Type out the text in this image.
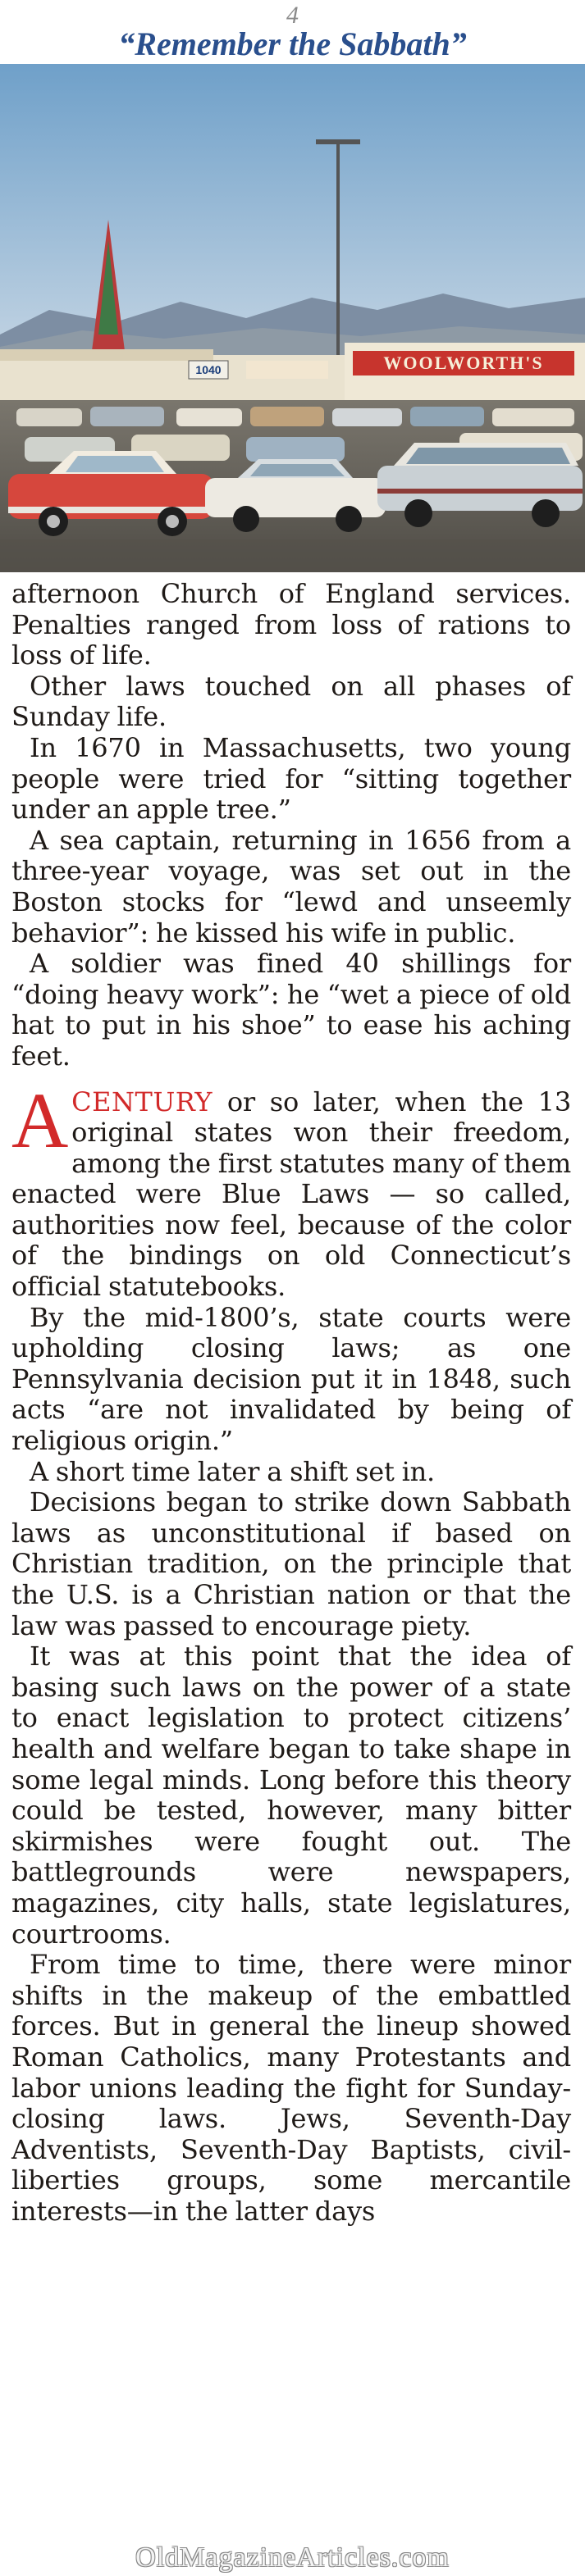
4
“Remember the Sabbath”
1040	WOOLWORTH'S

afternoon Church of England services. Penalties ranged from loss of rations to loss of life.

Other laws touched on all phases of Sunday life.

In 1670 in Massachusetts, two young people were tried for “sitting together under an apple tree.”

A sea captain, returning in 1656 from a three-year voyage, was set out in the Boston stocks for “lewd and unseemly behavior”: he kissed his wife in public.

A soldier was fined 40 shillings for “doing heavy work”: he “wet a piece of old hat to put in his shoe” to ease his aching feet.

ACENTURY or so later, when the 13 original states won their freedom, among the first statutes many of them enacted were Blue Laws — so called, authorities now feel, because of the color of the bindings on old Connecticut’s official statutebooks.

By the mid-1800’s, state courts were upholding closing laws; as one Pennsylvania decision put it in 1848, such acts “are not invalidated by being of religious origin.”

A short time later a shift set in.

Decisions began to strike down Sabbath laws as unconstitutional if based on Christian tradition, on the principle that the U.S. is a Christian nation or that the law was passed to encourage piety.

It was at this point that the idea of basing such laws on the power of a state to enact legislation to protect citizens’ health and welfare began to take shape in some legal minds. Long before this theory could be tested, however, many bitter skirmishes were fought out. The battlegrounds were newspapers, magazines, city halls, state legislatures, courtrooms.

From time to time, there were minor shifts in the makeup of the embattled forces. But in general the lineup showed Roman Catholics, many Protestants and labor unions leading the fight for Sunday-closing laws. Jews, Seventh-Day Adventists, Seventh-Day Baptists, civil-liberties groups, some mercantile interests—in the latter days

OldMagazineArticles.com
